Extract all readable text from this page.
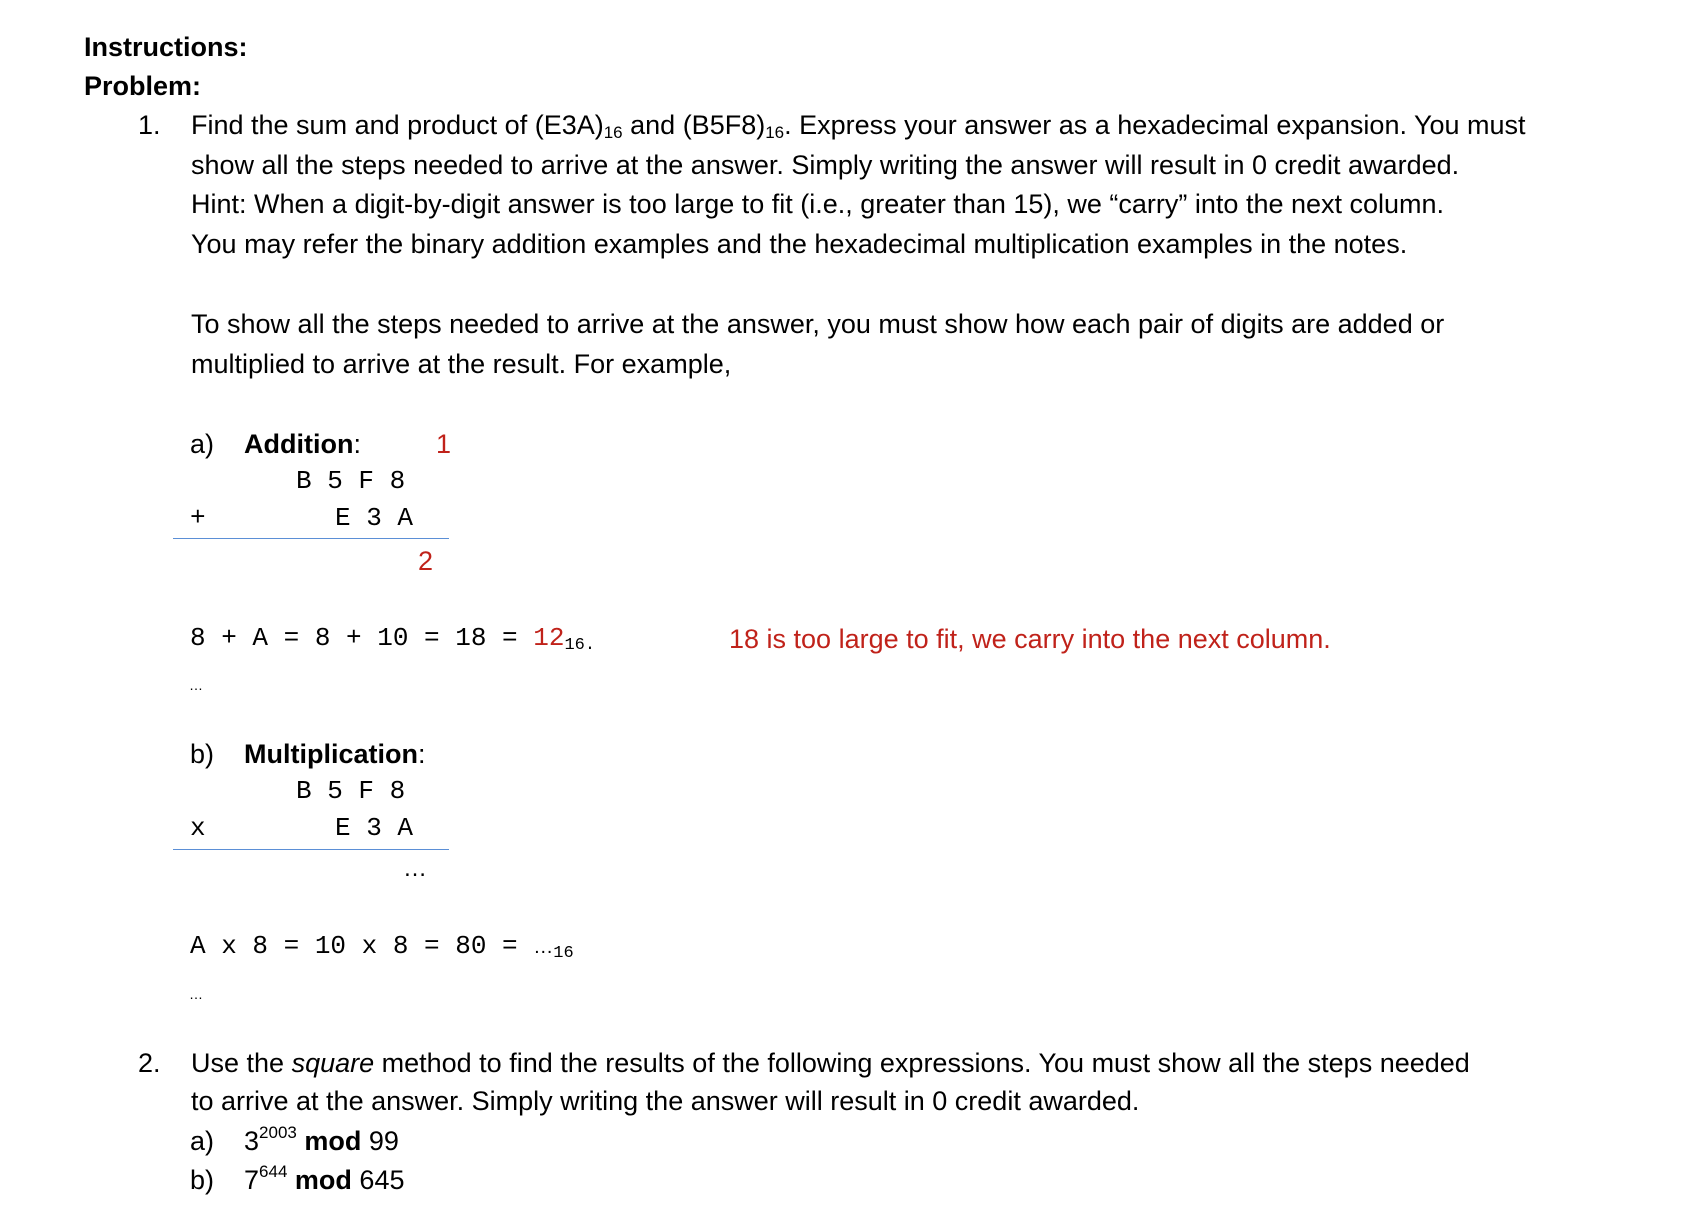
Instructions:
Problem:
1. Find the sum and product of $(E3A)_{16}$ and $(B5F8)_{16}$. Express your answer as a hexadecimal expansion. You must
show all the steps needed to arrive at the answer. Simply writing the answer will result in 0 credit awarded.
Hint: When a digit-by-digit answer is too large to fit (i.e., greater than 15), we “carry” into the next column.
You may refer the binary addition examples and the hexadecimal multiplication examples in the notes.
To show all the steps needed to arrive at the answer, you must show how each pair of digits are added or
multiplied to arrive at the result. For example,
a) Addition:	1
B 5 F 8
+	E 3 A
2
$8 + A = 8 + 10 = 18 = 12_{16.}$	18 is too large to fit, we carry into the next column.
…
b) Multiplication:
B 5 F 8
x	E 3 A
…
A x 8 = 10 x $8 = 80 = \dots_{16}$
…
2. Use the square method to find the results of the following expressions. You must show all the steps needed
to arrive at the answer. Simply writing the answer will result in 0 credit awarded.
a) $3^{2003}$ mod 99
b) $7^{644}$ mod 645
